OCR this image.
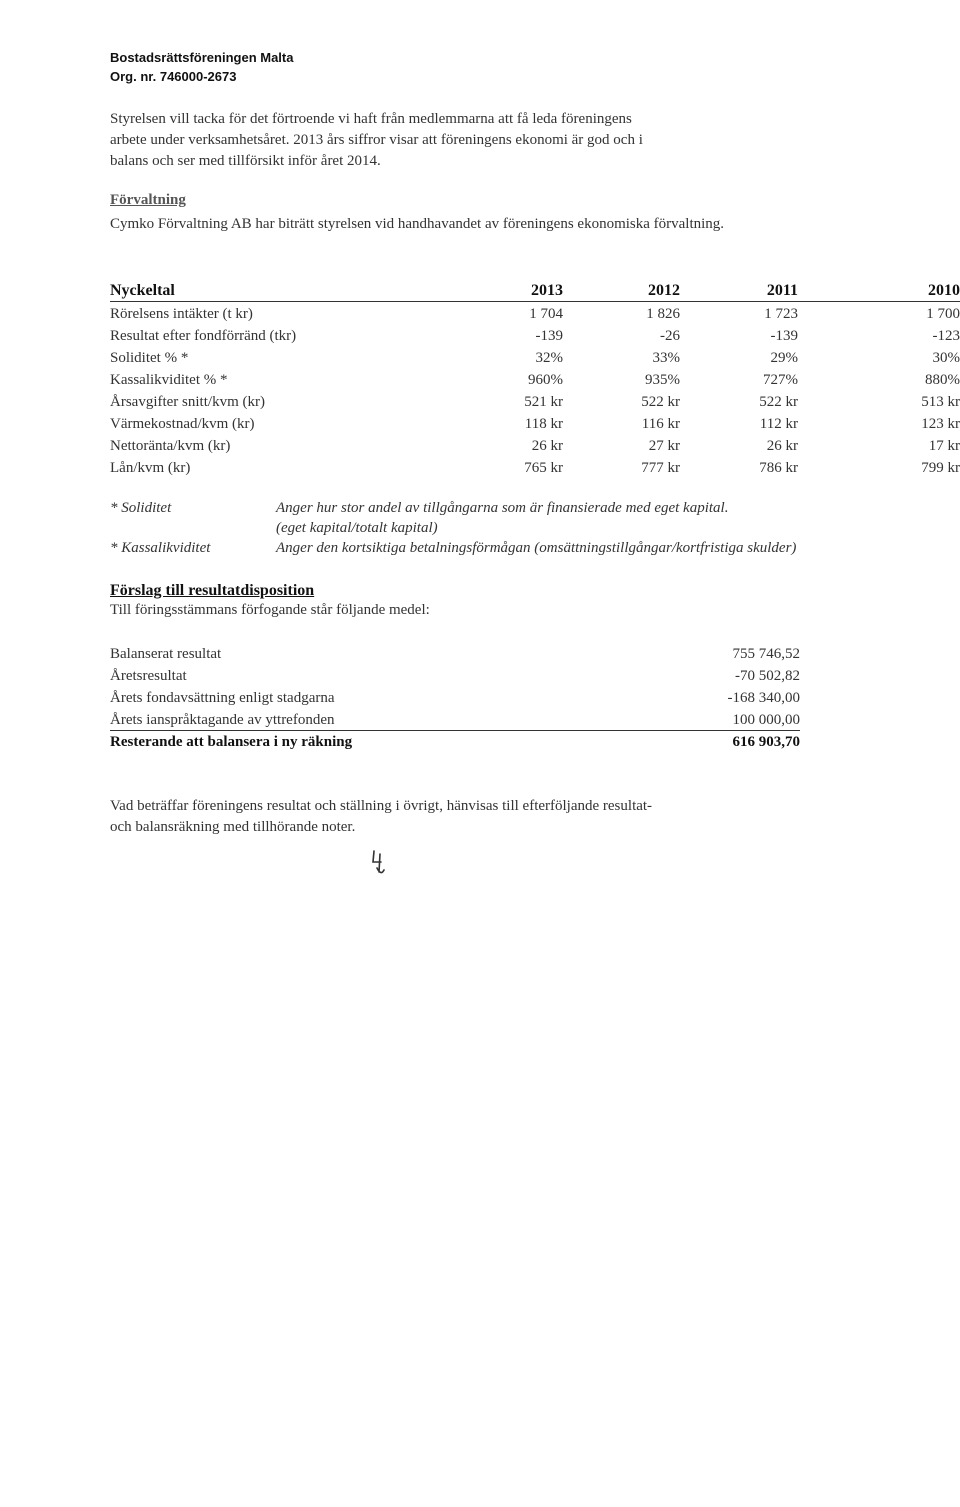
Bostadsrättsföreningen Malta
Org. nr. 746000-2673
Styrelsen vill tacka för det förtroende vi haft från medlemmarna att få leda föreningens
arbete under verksamhetsåret. 2013 års siffror visar att föreningens ekonomi är god och i
balans och ser med tillförsikt inför året 2014.
Förvaltning
Cymko Förvaltning AB har biträtt styrelsen vid handhavandet av föreningens ekonomiska förvaltning.
Nyckeltal	2013	2012	2011	2010
Rörelsens intäkter (t kr)	1 704	1 826	1 723	1 700
Resultat efter fondförränd (tkr)	-139	-26	-139	-123
Soliditet % *	32%	33%	29%	30%
Kassalikviditet % *	960%	935%	727%	880%
Årsavgifter snitt/kvm (kr)	521 kr	522 kr	522 kr	513 kr
Värmekostnad/kvm (kr)	118 kr	116 kr	112 kr	123 kr
Nettoränta/kvm (kr)	26 kr	27 kr	26 kr	17 kr
Lån/kvm (kr)	765 kr	777 kr	786 kr	799 kr
* Soliditet	Anger hur stor andel av tillgångarna som är finansierade med eget kapital.
(eget kapital/totalt kapital)
* Kassalikviditet	Anger den kortsiktiga betalningsförmågan (omsättningstillgångar/kortfristiga skulder)
Förslag till resultatdisposition
Till föringsstämmans förfogande står följande medel:
Balanserat resultat	755 746,52
Åretsresultat	-70 502,82
Årets fondavsättning enligt stadgarna	-168 340,00
Årets ianspråktagande av yttrefonden	100 000,00
Resterande att balansera i ny räkning	616 903,70
Vad beträffar föreningens resultat och ställning i övrigt, hänvisas till efterföljande resultat-
och balansräkning med tillhörande noter.
